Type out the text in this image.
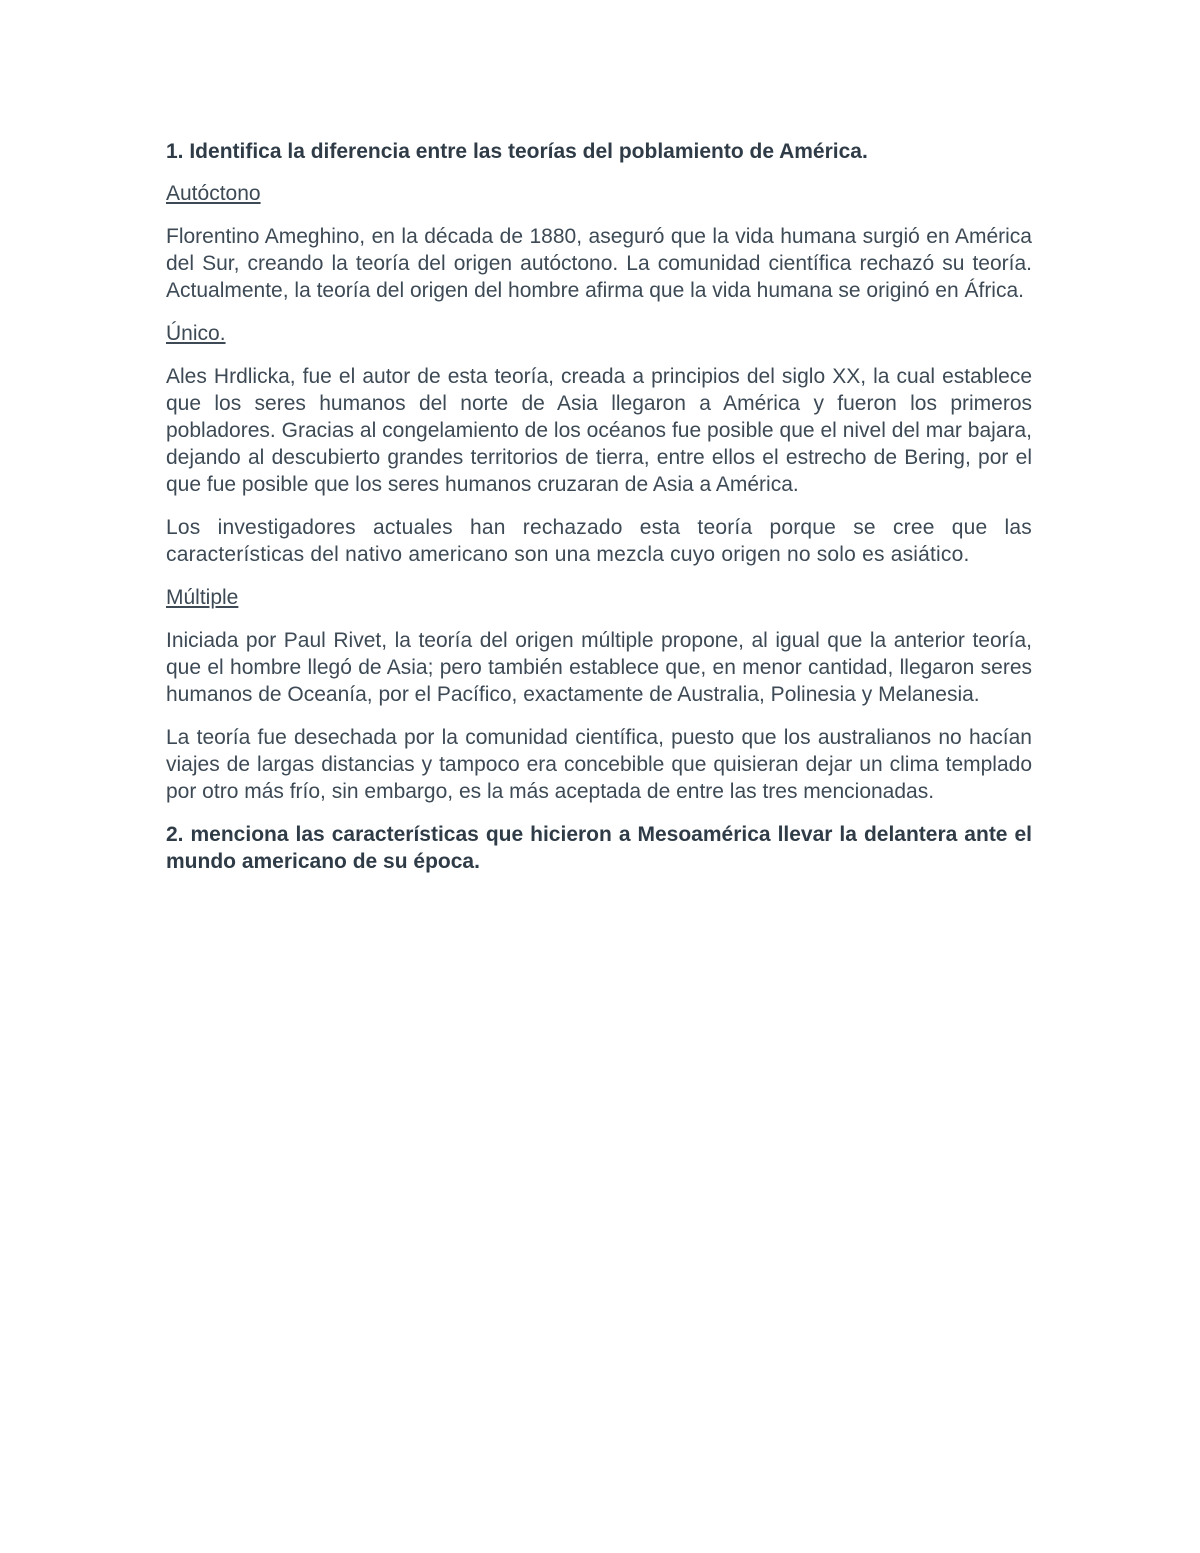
1. Identifica la diferencia entre las teorías del poblamiento de América.

Autóctono

Florentino Ameghino, en la década de 1880, aseguró que la vida humana surgió en América del Sur, creando la teoría del origen autóctono. La comunidad científica rechazó su teoría. Actualmente, la teoría del origen del hombre afirma que la vida humana se originó en África.

Único.

Ales Hrdlicka, fue el autor de esta teoría, creada a principios del siglo XX, la cual establece que los seres humanos del norte de Asia llegaron a América y fueron los primeros pobladores. Gracias al congelamiento de los océanos fue posible que el nivel del mar bajara, dejando al descubierto grandes territorios de tierra, entre ellos el estrecho de Bering, por el que fue posible que los seres humanos cruzaran de Asia a América.

Los investigadores actuales han rechazado esta teoría porque se cree que las características del nativo americano son una mezcla cuyo origen no solo es asiático.

Múltiple

Iniciada por Paul Rivet, la teoría del origen múltiple propone, al igual que la anterior teoría, que el hombre llegó de Asia; pero también establece que, en menor cantidad, llegaron seres humanos de Oceanía, por el Pacífico, exactamente de Australia, Polinesia y Melanesia.

La teoría fue desechada por la comunidad científica, puesto que los australianos no hacían viajes de largas distancias y tampoco era concebible que quisieran dejar un clima templado por otro más frío, sin embargo, es la más aceptada de entre las tres mencionadas.

2. menciona las características que hicieron a Mesoamérica llevar la delantera ante el mundo americano de su época.
